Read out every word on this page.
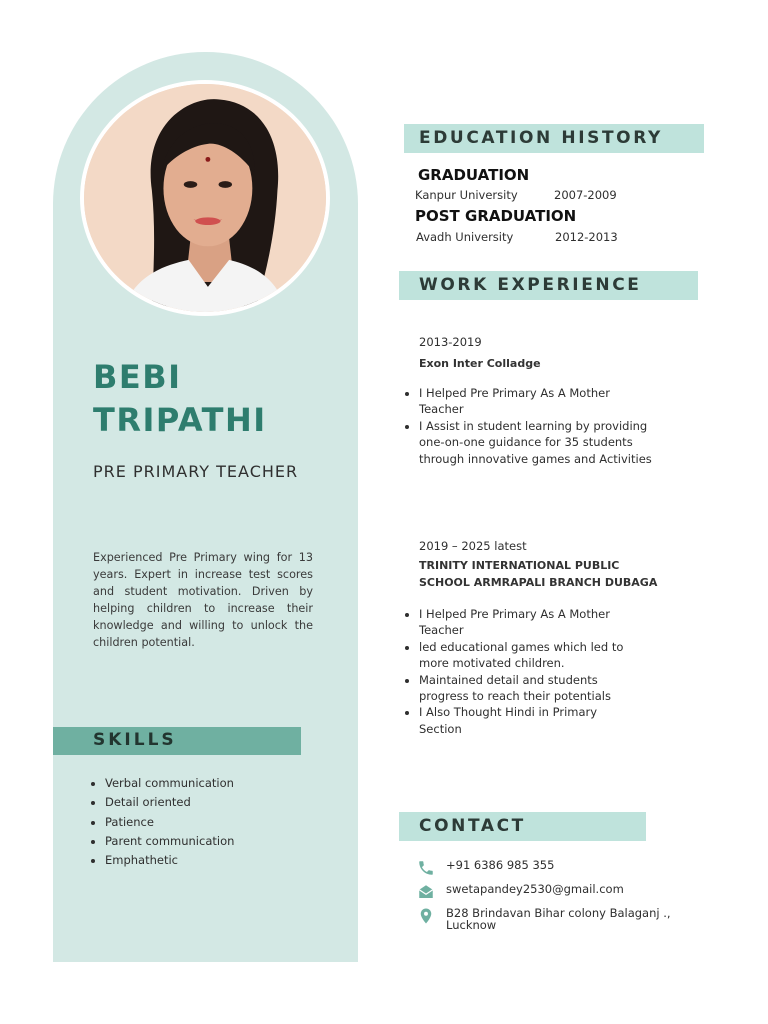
BEBI
TRIPATHI
PRE PRIMARY TEACHER
Experienced Pre Primary wing for 13 years. Expert in increase test scores and student motivation. Driven by helping children to increase their knowledge and willing to unlock the children potential.
SKILLS
• Verbal communication
• Detail oriented
• Patience
• Parent communication
• Emphathetic
EDUCATION HISTORY
GRADUATION
Kanpur University	2007-2009
POST GRADUATION
Avadh University	2012-2013
WORK EXPERIENCE
2013-2019
Exon Inter Colladge
• I Helped Pre Primary As A Mother Teacher
• I Assist in student learning by providing one-on-one guidance for 35 students through innovative games and Activities
2019 – 2025 latest
TRINITY INTERNATIONAL PUBLIC SCHOOL ARMRAPALI BRANCH DUBAGA
• I Helped Pre Primary As A Mother Teacher
• led educational games which led to more motivated children.
• Maintained detail and students progress to reach their potentials
• I Also Thought Hindi in Primary Section
CONTACT
+91 6386 985 355
swetapandey2530@gmail.com
B28 Brindavan Bihar colony Balaganj ., Lucknow
